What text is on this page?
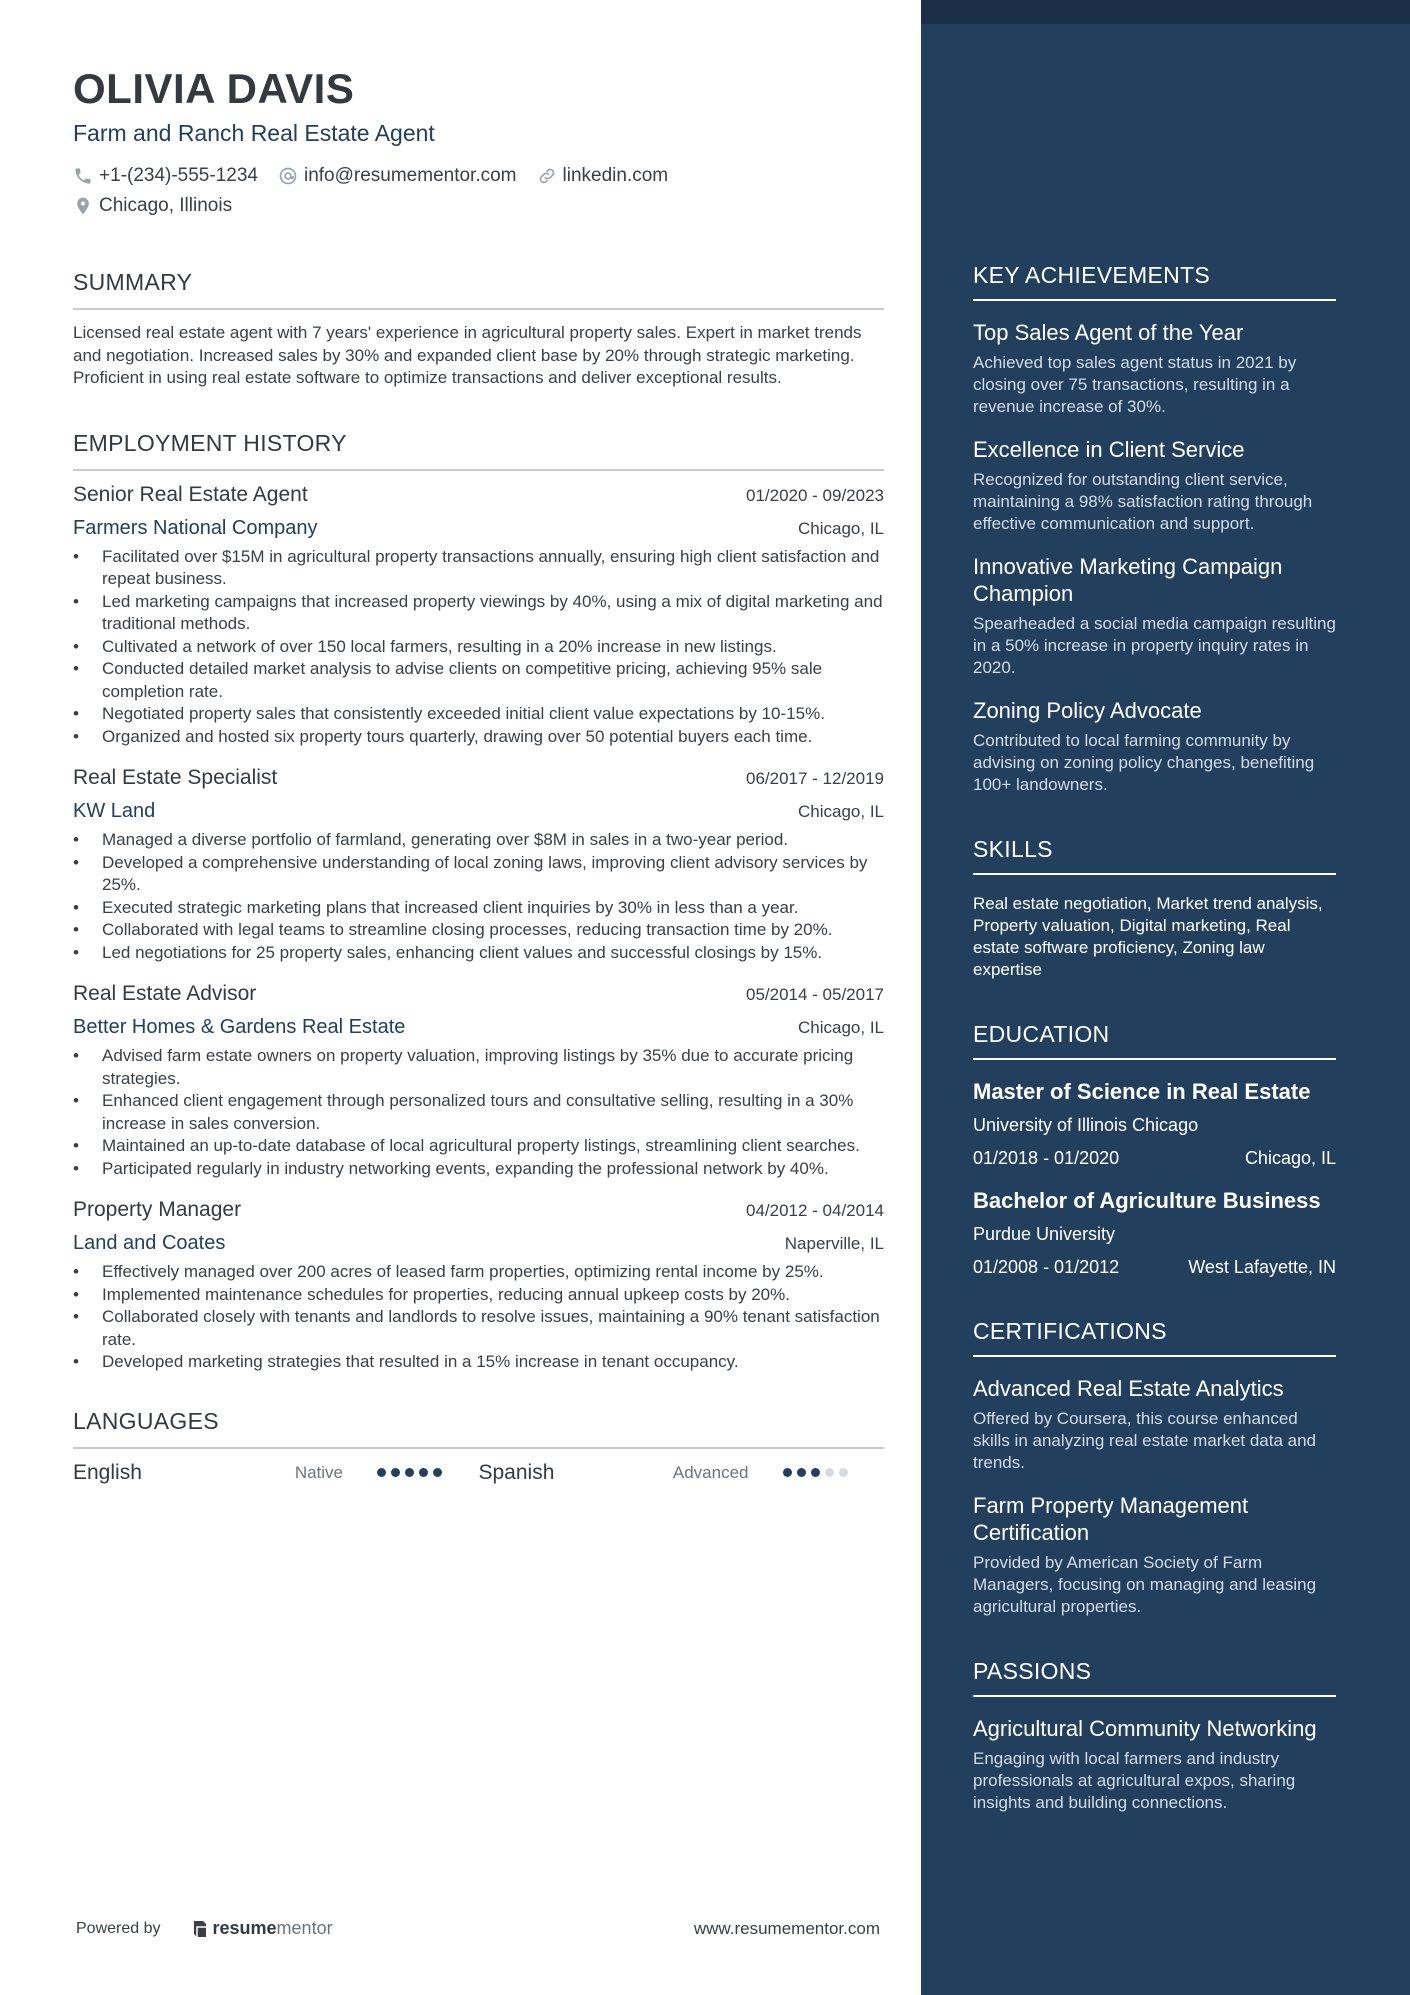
OLIVIA DAVIS
Farm and Ranch Real Estate Agent
+1-(234)-555-1234 info@resumementor.com linkedin.com
Chicago, Illinois
SUMMARY
Licensed real estate agent with 7 years' experience in agricultural property sales. Expert in market trends and negotiation. Increased sales by 30% and expanded client base by 20% through strategic marketing. Proficient in using real estate software to optimize transactions and deliver exceptional results.
EMPLOYMENT HISTORY
Senior Real Estate Agent	01/2020 - 09/2023
Farmers National Company	Chicago, IL
• Facilitated over $15M in agricultural property transactions annually, ensuring high client satisfaction and repeat business.
• Led marketing campaigns that increased property viewings by 40%, using a mix of digital marketing and traditional methods.
• Cultivated a network of over 150 local farmers, resulting in a 20% increase in new listings.
• Conducted detailed market analysis to advise clients on competitive pricing, achieving 95% sale completion rate.
• Negotiated property sales that consistently exceeded initial client value expectations by 10-15%.
• Organized and hosted six property tours quarterly, drawing over 50 potential buyers each time.
Real Estate Specialist	06/2017 - 12/2019
KW Land	Chicago, IL
• Managed a diverse portfolio of farmland, generating over $8M in sales in a two-year period.
• Developed a comprehensive understanding of local zoning laws, improving client advisory services by 25%.
• Executed strategic marketing plans that increased client inquiries by 30% in less than a year.
• Collaborated with legal teams to streamline closing processes, reducing transaction time by 20%.
• Led negotiations for 25 property sales, enhancing client values and successful closings by 15%.
Real Estate Advisor	05/2014 - 05/2017
Better Homes & Gardens Real Estate	Chicago, IL
• Advised farm estate owners on property valuation, improving listings by 35% due to accurate pricing strategies.
• Enhanced client engagement through personalized tours and consultative selling, resulting in a 30% increase in sales conversion.
• Maintained an up-to-date database of local agricultural property listings, streamlining client searches.
• Participated regularly in industry networking events, expanding the professional network by 40%.
Property Manager	04/2012 - 04/2014
Land and Coates	Naperville, IL
• Effectively managed over 200 acres of leased farm properties, optimizing rental income by 25%.
• Implemented maintenance schedules for properties, reducing annual upkeep costs by 20%.
• Collaborated closely with tenants and landlords to resolve issues, maintaining a 90% tenant satisfaction rate.
• Developed marketing strategies that resulted in a 15% increase in tenant occupancy.
LANGUAGES
English	Native	Spanish	Advanced
Powered by	resume mentor	www.resumementor.com
KEY ACHIEVEMENTS
Top Sales Agent of the Year
Achieved top sales agent status in 2021 by closing over 75 transactions, resulting in a revenue increase of 30%.
Excellence in Client Service
Recognized for outstanding client service, maintaining a 98% satisfaction rating through effective communication and support.
Innovative Marketing Campaign Champion
Spearheaded a social media campaign resulting in a 50% increase in property inquiry rates in 2020.
Zoning Policy Advocate
Contributed to local farming community by advising on zoning policy changes, benefiting 100+ landowners.
SKILLS
Real estate negotiation, Market trend analysis, Property valuation, Digital marketing, Real estate software proficiency, Zoning law expertise
EDUCATION
Master of Science in Real Estate
University of Illinois Chicago
01/2018 - 01/2020	Chicago, IL
Bachelor of Agriculture Business
Purdue University
01/2008 - 01/2012	West Lafayette, IN
CERTIFICATIONS
Advanced Real Estate Analytics
Offered by Coursera, this course enhanced skills in analyzing real estate market data and trends.
Farm Property Management Certification
Provided by American Society of Farm Managers, focusing on managing and leasing agricultural properties.
PASSIONS
Agricultural Community Networking
Engaging with local farmers and industry professionals at agricultural expos, sharing insights and building connections.
